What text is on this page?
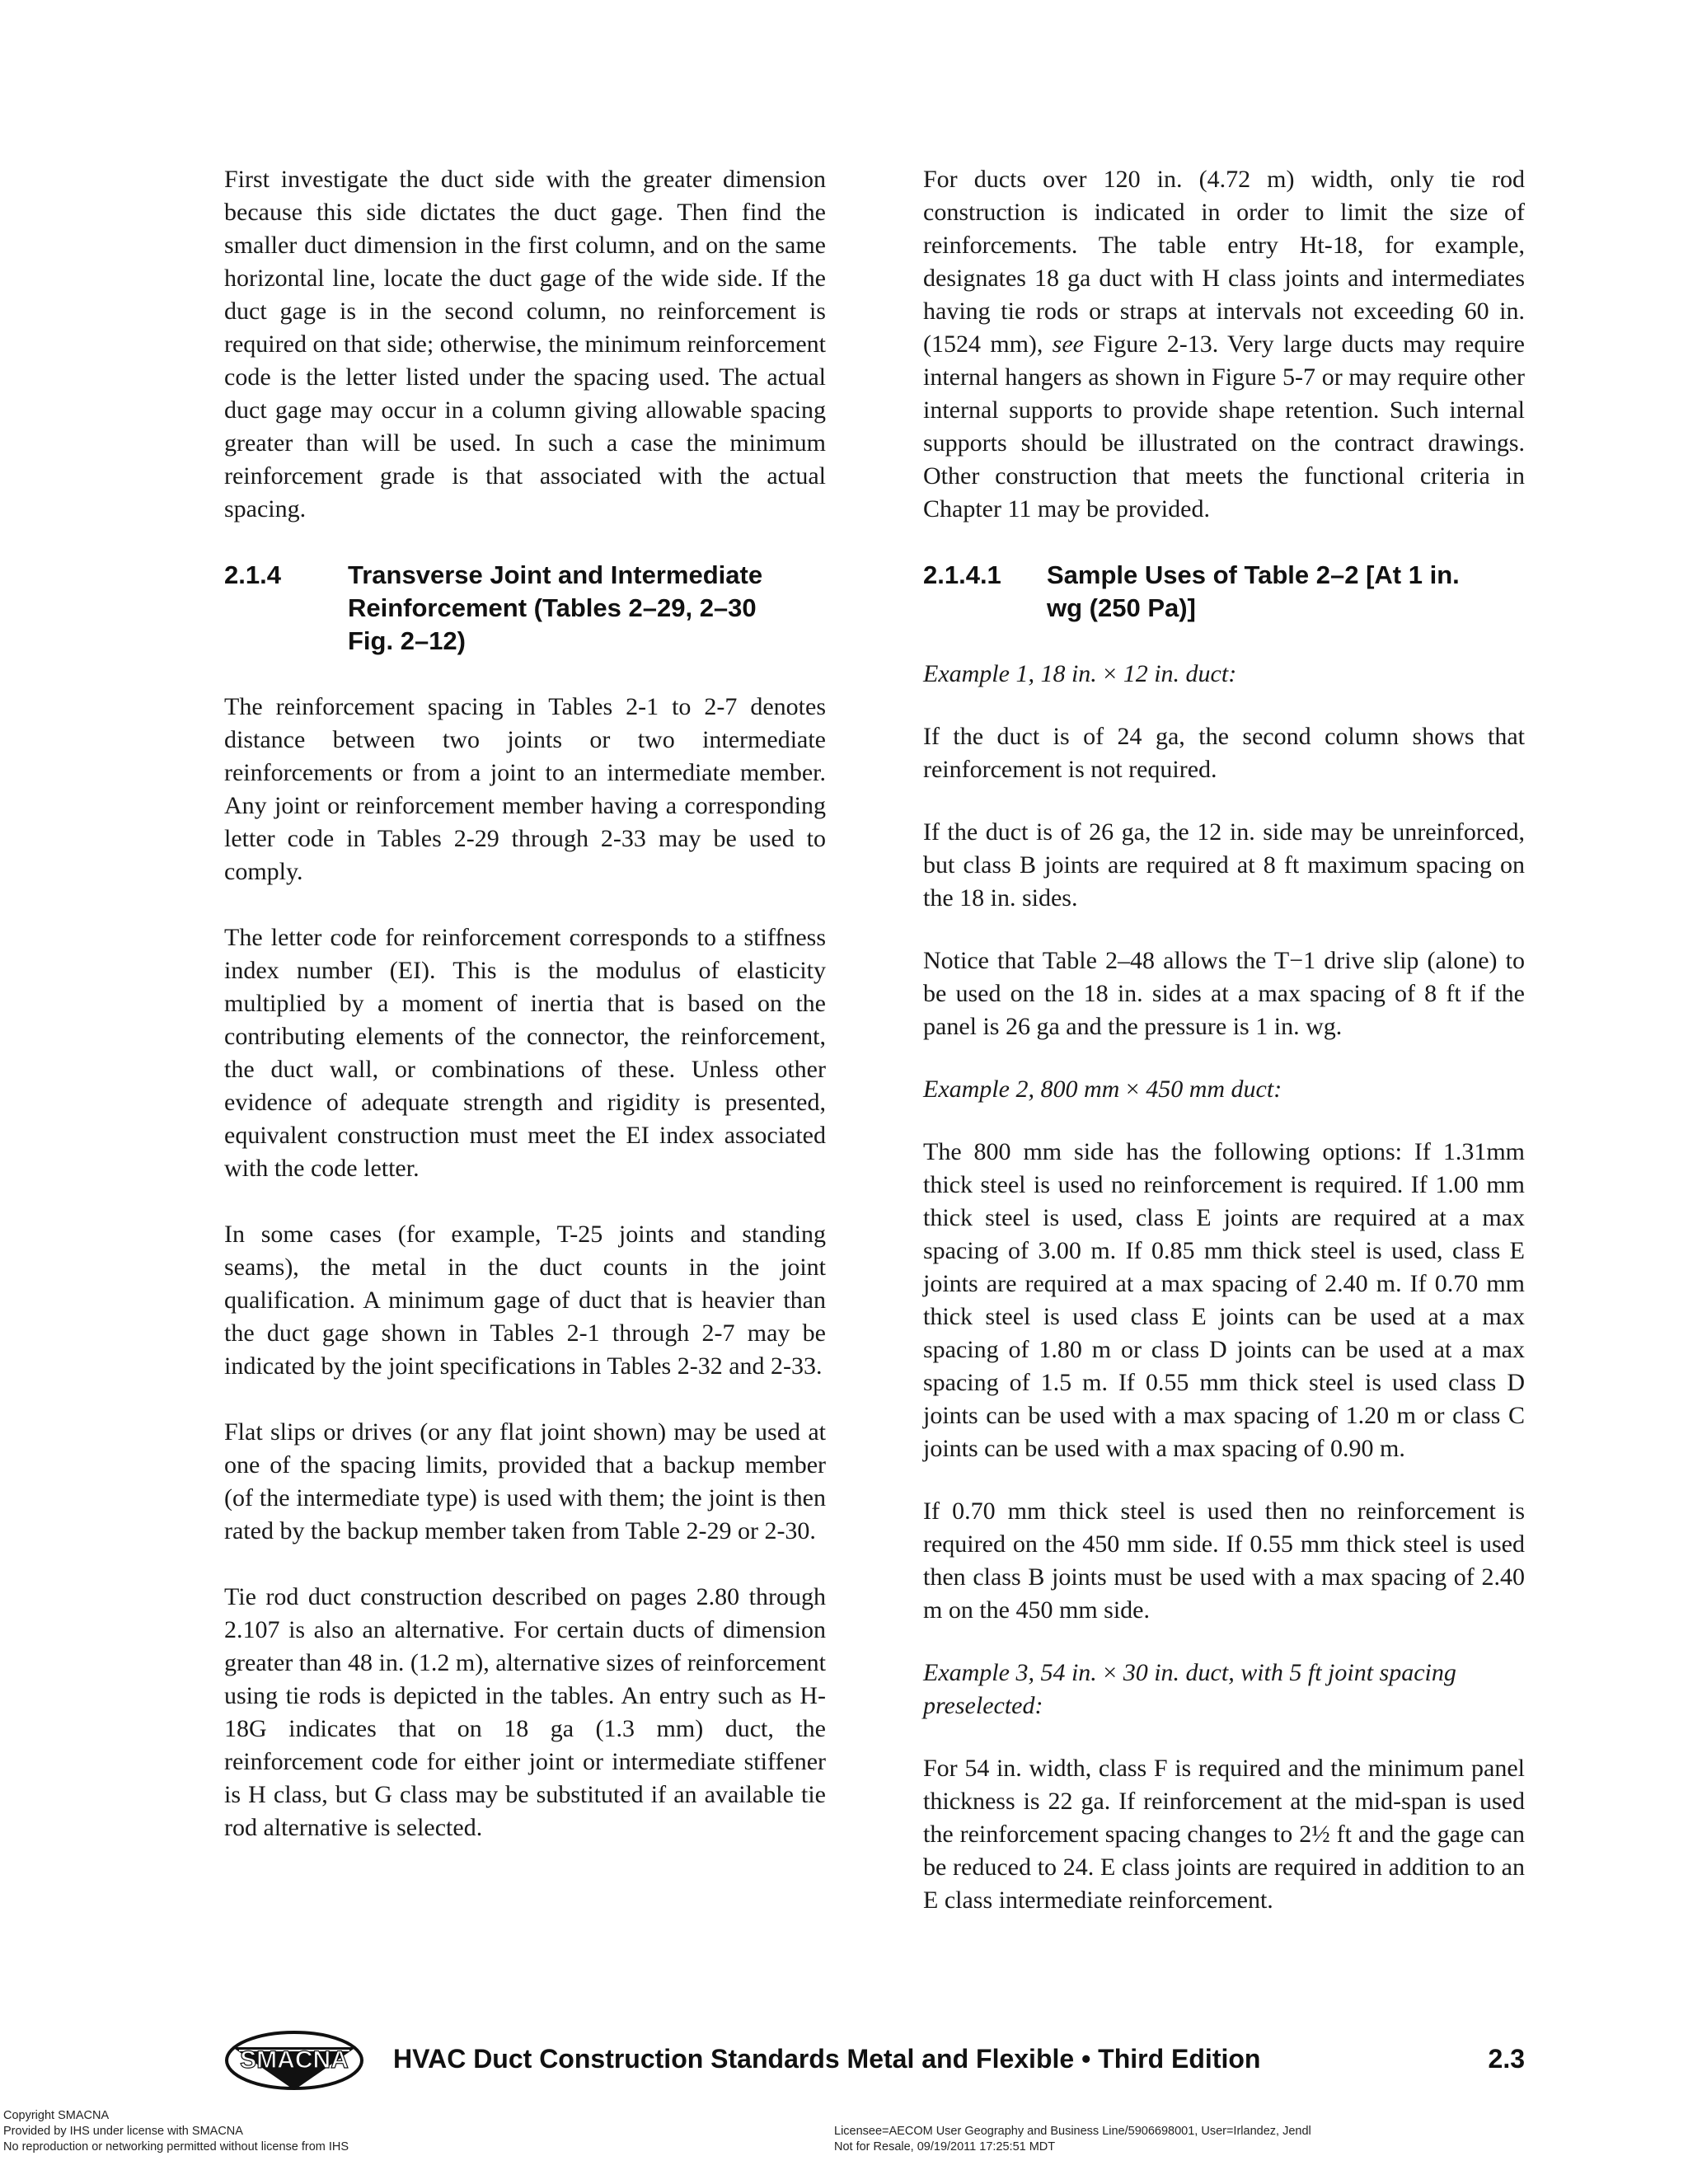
First investigate the duct side with the greater dimension because this side dictates the duct gage. Then find the smaller duct dimension in the first column, and on the same horizontal line, locate the duct gage of the wide side. If the duct gage is in the second column, no reinforcement is required on that side; otherwise, the minimum reinforcement code is the letter listed under the spacing used. The actual duct gage may occur in a column giving allowable spacing greater than will be used. In such a case the minimum reinforcement grade is that associated with the actual spacing.

2.1.4	Transverse Joint and Intermediate
Reinforcement (Tables 2–29, 2–30
Fig. 2–12)

The reinforcement spacing in Tables 2-1 to 2-7 denotes distance between two joints or two intermediate reinforcements or from a joint to an intermediate member. Any joint or reinforcement member having a corresponding letter code in Tables 2-29 through 2-33 may be used to comply.

The letter code for reinforcement corresponds to a stiffness index number (EI). This is the modulus of elasticity multiplied by a moment of inertia that is based on the contributing elements of the connector, the reinforcement, the duct wall, or combinations of these. Unless other evidence of adequate strength and rigidity is presented, equivalent construction must meet the EI index associated with the code letter.

In some cases (for example, T-25 joints and standing seams), the metal in the duct counts in the joint qualification. A minimum gage of duct that is heavier than the duct gage shown in Tables 2-1 through 2-7 may be indicated by the joint specifications in Tables 2-32 and 2-33.

Flat slips or drives (or any flat joint shown) may be used at one of the spacing limits, provided that a backup member (of the intermediate type) is used with them; the joint is then rated by the backup member taken from Table 2-29 or 2-30.

Tie rod duct construction described on pages 2.80 through 2.107 is also an alternative. For certain ducts of dimension greater than 48 in. (1.2 m), alternative sizes of reinforcement using tie rods is depicted in the tables. An entry such as H-18G indicates that on 18 ga (1.3 mm) duct, the reinforcement code for either joint or intermediate stiffener is H class, but G class may be substituted if an available tie rod alternative is selected.

For ducts over 120 in. (4.72 m) width, only tie rod construction is indicated in order to limit the size of reinforcements. The table entry Ht-18, for example, designates 18 ga duct with H class joints and intermediates having tie rods or straps at intervals not exceeding 60 in. (1524 mm), see Figure 2-13. Very large ducts may require internal hangers as shown in Figure 5-7 or may require other internal supports to provide shape retention. Such internal supports should be illustrated on the contract drawings. Other construction that meets the functional criteria in Chapter 11 may be provided.

2.1.4.1	Sample Uses of Table 2–2 [At 1 in.
wg (250 Pa)]

Example 1, 18 in. × 12 in. duct:

If the duct is of 24 ga, the second column shows that reinforcement is not required.

If the duct is of 26 ga, the 12 in. side may be unreinforced, but class B joints are required at 8 ft maximum spacing on the 18 in. sides.

Notice that Table 2–48 allows the T−1 drive slip (alone) to be used on the 18 in. sides at a max spacing of 8 ft if the panel is 26 ga and the pressure is 1 in. wg.

Example 2, 800 mm × 450 mm duct:

The 800 mm side has the following options: If 1.31mm thick steel is used no reinforcement is required. If 1.00 mm thick steel is used, class E joints are required at a max spacing of 3.00 m. If 0.85 mm thick steel is used, class E joints are required at a max spacing of 2.40 m. If 0.70 mm thick steel is used class E joints can be used at a max spacing of 1.80 m or class D joints can be used at a max spacing of 1.5 m. If 0.55 mm thick steel is used class D joints can be used with a max spacing of 1.20 m or class C joints can be used with a max spacing of 0.90 m.

If 0.70 mm thick steel is used then no reinforcement is required on the 450 mm side. If 0.55 mm thick steel is used then class B joints must be used with a max spacing of 2.40 m on the 450 mm side.

Example 3, 54 in. × 30 in. duct, with 5 ft joint spacing preselected:

For 54 in. width, class F is required and the minimum panel thickness is 22 ga. If reinforcement at the mid-span is used the reinforcement spacing changes to 2½ ft and the gage can be reduced to 24. E class joints are required in addition to an E class intermediate reinforcement.

SMACNA HVAC Duct Construction Standards Metal and Flexible • Third Edition	2.3
Copyright SMACNA
Provided by IHS under license with SMACNA
No reproduction or networking permitted without license from IHS
Licensee=AECOM User Geography and Business Line/5906698001, User=Irlandez, Jendl
Not for Resale, 09/19/2011 17:25:51 MDT
